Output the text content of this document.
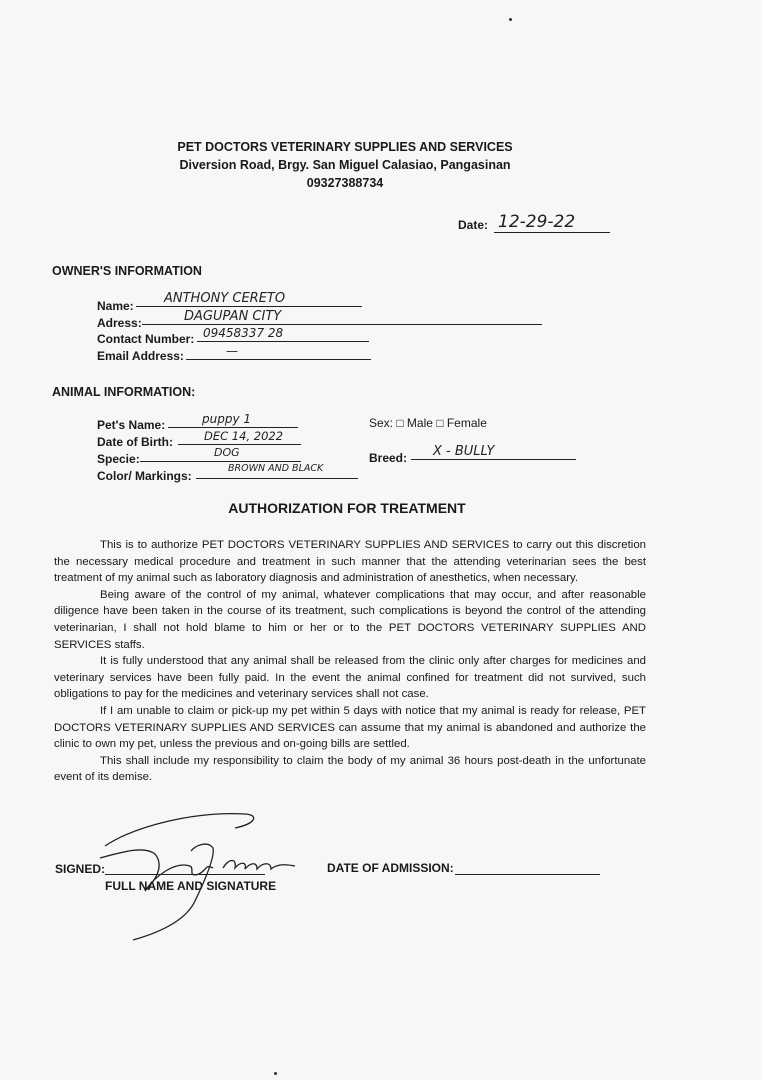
PET DOCTORS VETERINARY SUPPLIES AND SERVICES
Diversion Road, Brgy. San Miguel Calasiao, Pangasinan
09327388734
Date: 12-29-22
OWNER'S INFORMATION
Name:	ANTHONY CERETO
Adress:	DAGUPAN CITY
Contact Number: 09458337 28
Email Address:	—
ANIMAL INFORMATION:
Pet's Name:	puppy 1
Date of Birth:	DEC 14, 2022
Specie:	DOG
Color/ Markings:
BROWN AND BLACK
Sex: □ Male □ Female
Breed:	X - BULLY
AUTHORIZATION FOR TREATMENT

This is to authorize PET DOCTORS VETERINARY SUPPLIES AND SERVICES to carry out this discretion the necessary medical procedure and treatment in such manner that the attending veterinarian sees the best treatment of my animal such as laboratory diagnosis and administration of anesthetics, when necessary.

Being aware of the control of my animal, whatever complications that may occur, and after reasonable diligence have been taken in the course of its treatment, such complications is beyond the control of the attending veterinarian, I shall not hold blame to him or her or to the PET DOCTORS VETERINARY SUPPLIES AND SERVICES staffs.

It is fully understood that any animal shall be released from the clinic only after charges for medicines and veterinary services have been fully paid. In the event the animal confined for treatment did not survived, such obligations to pay for the medicines and veterinary services shall not case.

If I am unable to claim or pick-up my pet within 5 days with notice that my animal is ready for release, PET DOCTORS VETERINARY SUPPLIES AND SERVICES can assume that my animal is abandoned and authorize the clinic to own my pet, unless the previous and on-going bills are settled.

This shall include my responsibility to claim the body of my animal 36 hours post-death in the unfortunate event of its demise.

SIGNED:
FULL NAME AND SIGNATURE
DATE OF ADMISSION:
